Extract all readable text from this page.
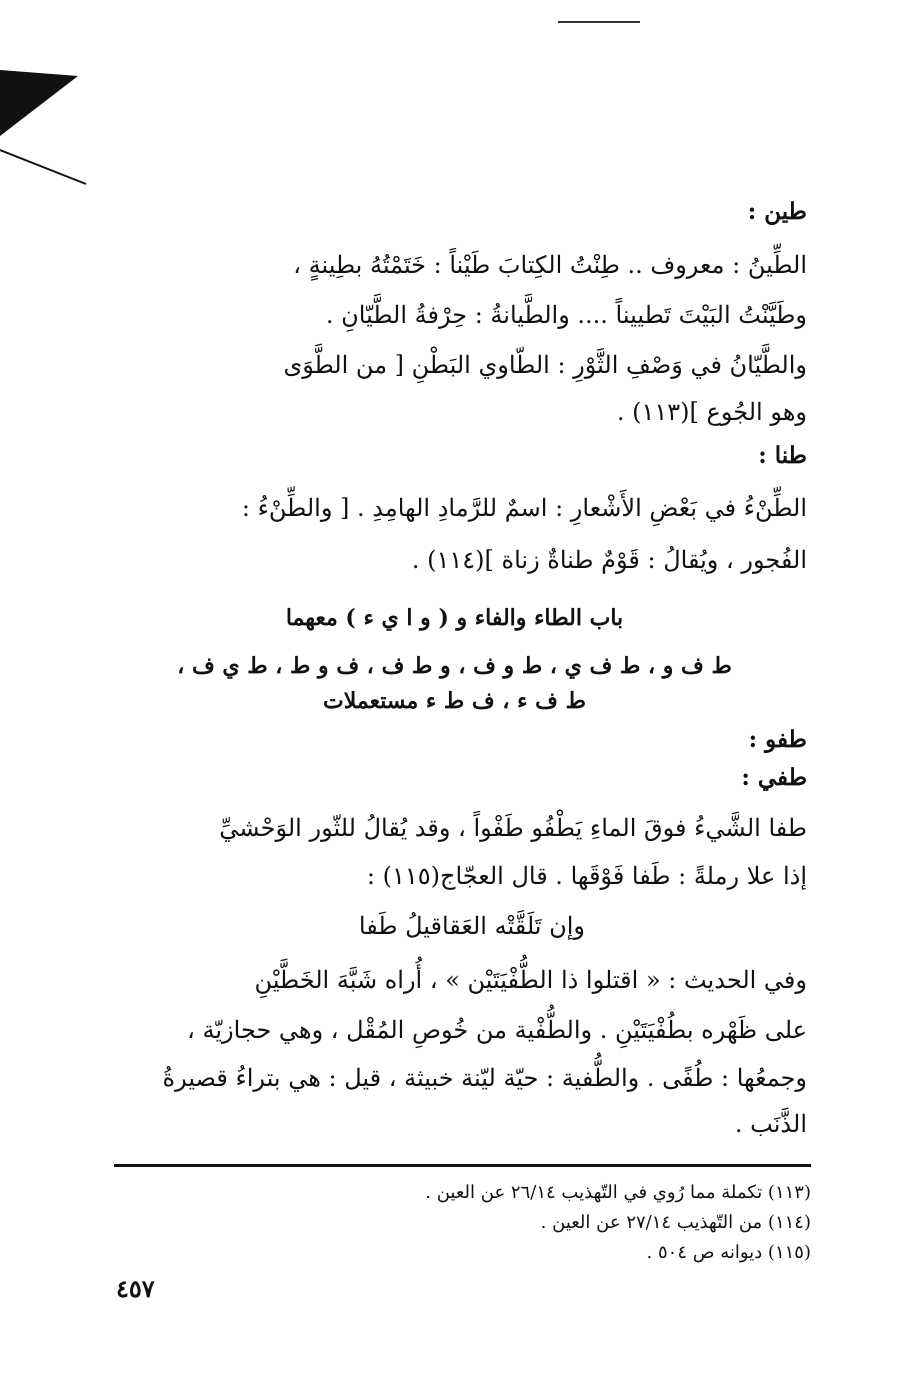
طين :
الطِّينُ : معروف .. طِنْتُ الكِتابَ طَيْناً : خَتَمْتُهُ بطِينةٍ ،
وطَيَّنْتُ البَيْتَ تَطييناً .... والطَّيانةُ : حِرْفةُ الطَّيّانِ .
والطَّيّانُ في وَصْفِ الثَّوْرِ : الطّاوي البَطْنِ [ من الطَّوَى
وهو الجُوع ](١١٣) .
طنا :
الطِّنْءُ في بَعْضِ الأَشْعارِ : اسمٌ للرَّمادِ الهامِدِ . [ والطِّنْءُ :
الفُجور ، ويُقالُ : قَوْمٌ طناةٌ زناة ](١١٤) .
باب الطاء والفاء و ( و ا ي ء ) معهما
ط ف و ، ط ف ي ، ط و ف ، و ط ف ، ف و ط ، ط ي ف ،
ط ف ء ، ف ط ء مستعملات
طفو :
طفي :
طفا الشَّيءُ فوقَ الماءِ يَطْفُو طَفْواً ، وقد يُقالُ للثّور الوَحْشيِّ
إذا علا رملةً : طَفا فَوْقَها . قال العجّاج(١١٥) :
وإن تَلَقَّتْه العَقاقيلُ طَفا
وفي الحديث : « اقتلوا ذا الطُّفْيَتَيْن » ، أُراه شَبَّهَ الخَطَّيْنِ
على ظَهْره بطُفْيَتَيْنِ . والطُّفْية من خُوصِ المُقْل ، وهي حجازيّة ،
وجمعُها : طُفًى . والطُّفية : حيّة ليّنة خبيثة ، قيل : هي بتراءُ قصيرةُ
الذَّنَب .
(١١٣) تكملة مما رُوي في التّهذيب ٢٦/١٤ عن العين .
(١١٤) من التّهذيب ٢٧/١٤ عن العين .
(١١٥) ديوانه ص ٥٠٤ .
٤٥٧
